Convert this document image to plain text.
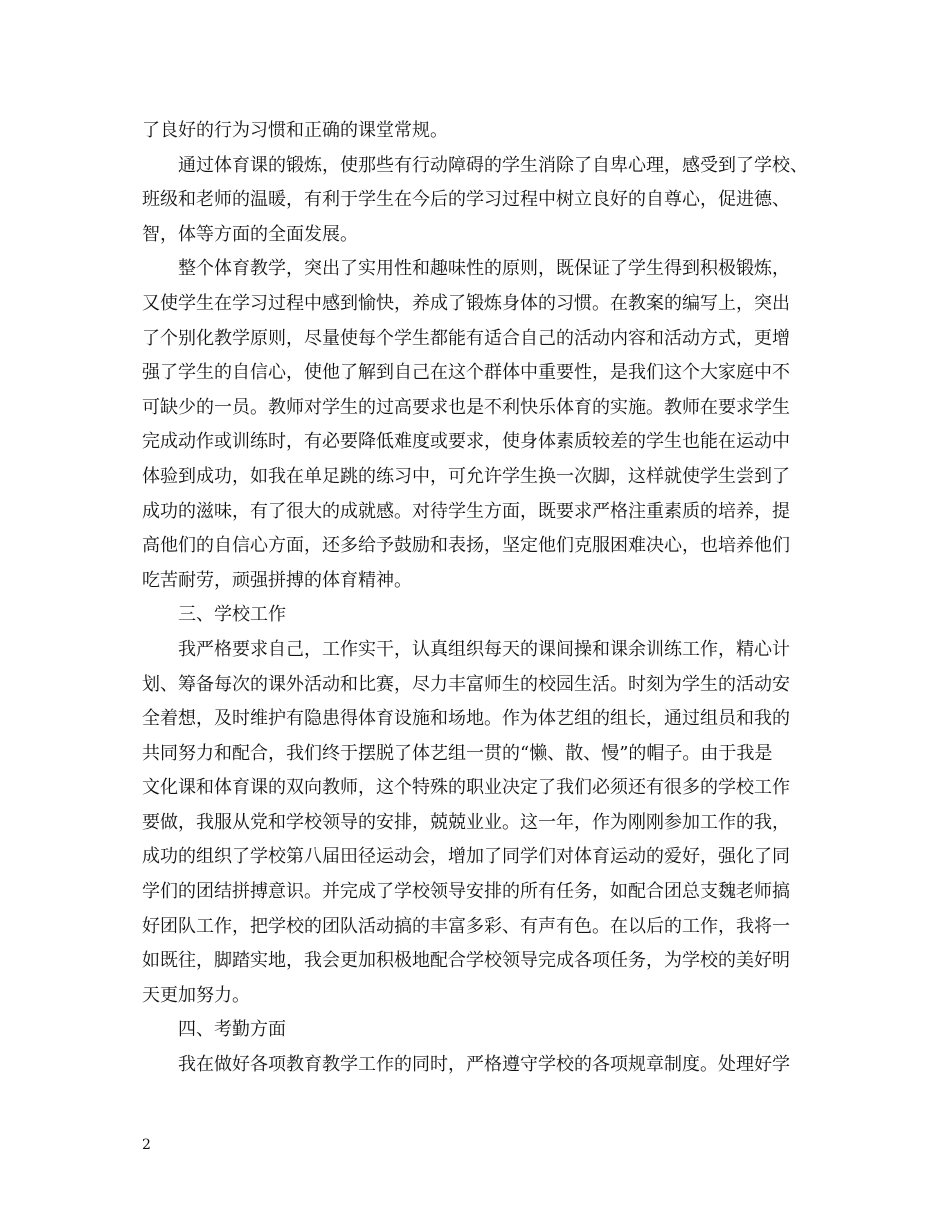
了良好的行为习惯和正确的课堂常规。
通过体育课的锻炼，使那些有行动障碍的学生消除了自卑心理，感受到了学校、
班级和老师的温暖，有利于学生在今后的学习过程中树立良好的自尊心，促进德、
智，体等方面的全面发展。
整个体育教学，突出了实用性和趣味性的原则，既保证了学生得到积极锻炼，
又使学生在学习过程中感到愉快，养成了锻炼身体的习惯。在教案的编写上，突出
了个别化教学原则，尽量使每个学生都能有适合自己的活动内容和活动方式，更增
强了学生的自信心，使他了解到自己在这个群体中重要性，是我们这个大家庭中不
可缺少的一员。教师对学生的过高要求也是不利快乐体育的实施。教师在要求学生
完成动作或训练时，有必要降低难度或要求，使身体素质较差的学生也能在运动中
体验到成功，如我在单足跳的练习中，可允许学生换一次脚，这样就使学生尝到了
成功的滋味，有了很大的成就感。对待学生方面，既要求严格注重素质的培养，提
高他们的自信心方面，还多给予鼓励和表扬，坚定他们克服困难决心，也培养他们
吃苦耐劳，顽强拼搏的体育精神。
三、学校工作
我严格要求自己，工作实干，认真组织每天的课间操和课余训练工作，精心计
划、筹备每次的课外活动和比赛，尽力丰富师生的校园生活。时刻为学生的活动安
全着想，及时维护有隐患得体育设施和场地。作为体艺组的组长，通过组员和我的
共同努力和配合，我们终于摆脱了体艺组一贯的“懒、散、慢”的帽子。由于我是
文化课和体育课的双向教师，这个特殊的职业决定了我们必须还有很多的学校工作
要做，我服从党和学校领导的安排，兢兢业业。这一年，作为刚刚参加工作的我，
成功的组织了学校第八届田径运动会，增加了同学们对体育运动的爱好，强化了同
学们的团结拼搏意识。并完成了学校领导安排的所有任务，如配合团总支魏老师搞
好团队工作，把学校的团队活动搞的丰富多彩、有声有色。在以后的工作，我将一
如既往，脚踏实地，我会更加积极地配合学校领导完成各项任务，为学校的美好明
天更加努力。
四、考勤方面
我在做好各项教育教学工作的同时，严格遵守学校的各项规章制度。处理好学
2
